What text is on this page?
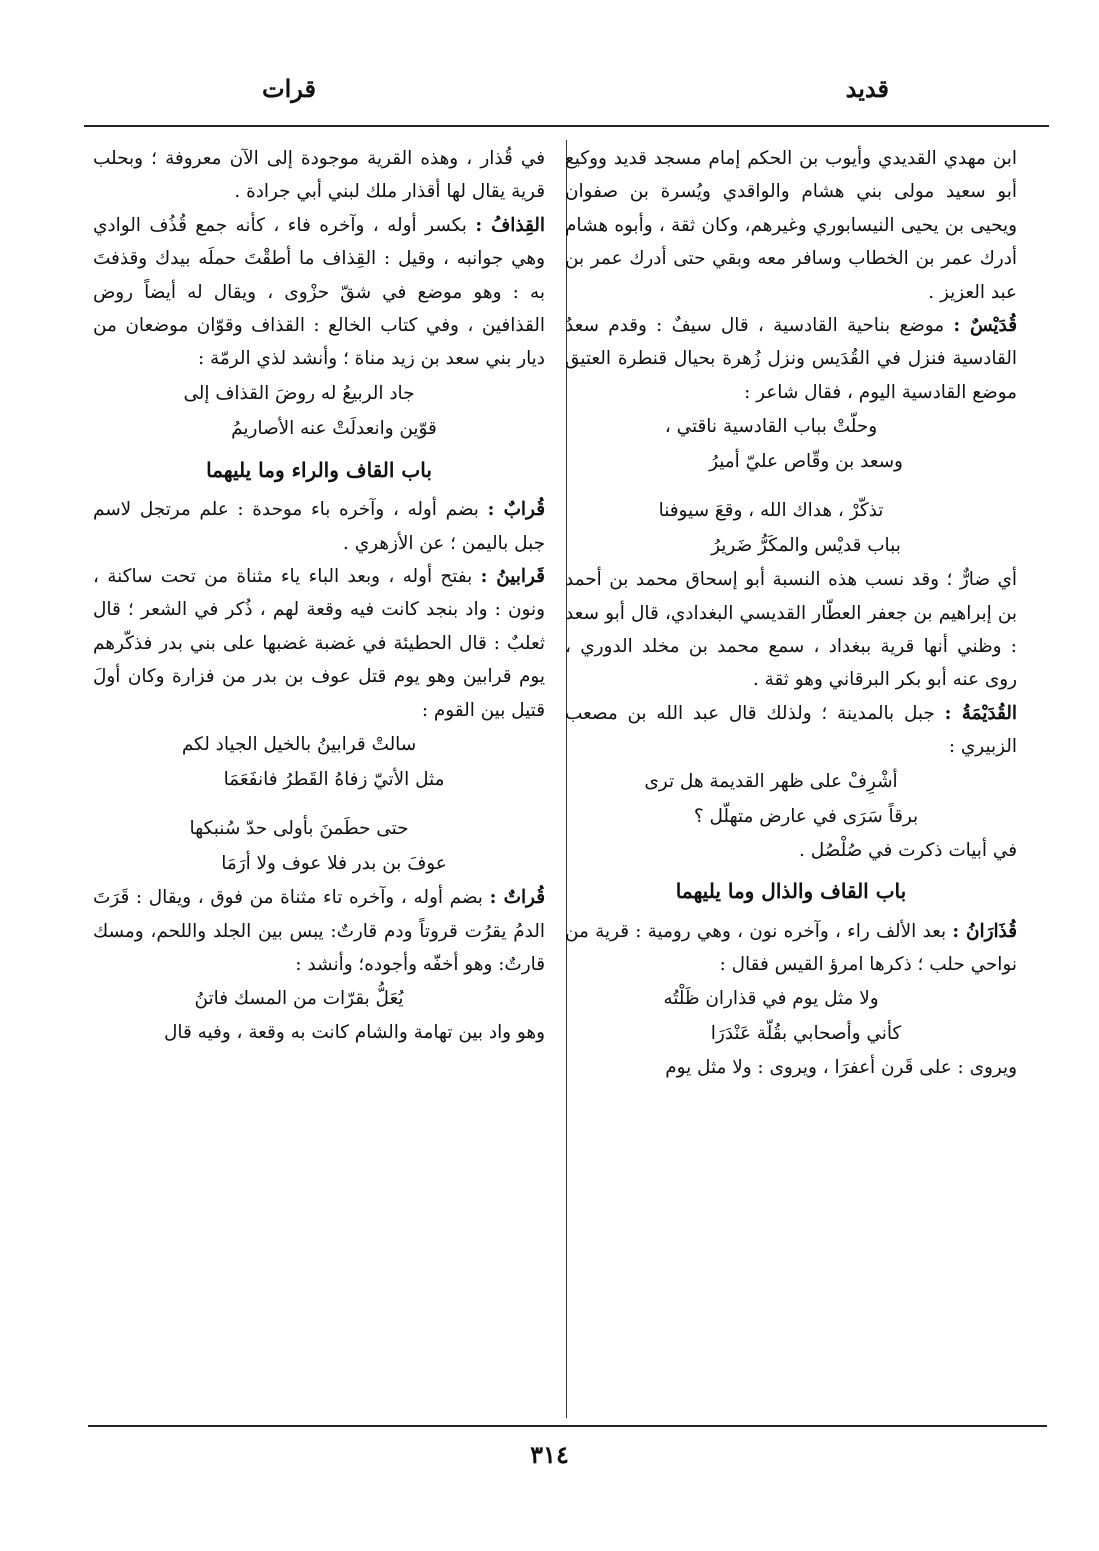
قديد
قرات

ابن مهدي القديدي وأيوب بن الحكم إمام مسجد قديد ووكيع أبو سعيد مولى بني هشام والواقدي ويُسرة بن صفوان ويحيى بن يحيى النيسابوري وغيرهم، وكان ثقة ، وأبوه هشام أدرك عمر بن الخطاب وسافر معه وبقي حتى أدرك عمر بن عبد العزيز .

قُدَيْسٌ : موضع بناحية القادسية ، قال سيفٌ : وقدم سعدٌ القادسية فنزل في القُدَيس ونزل زُهرة بحيال قنطرة العتيق موضع القادسية اليوم ، فقال شاعر :

وحلّتْ بباب القادسية ناقتي ،
وسعد بن وقّاص عليّ أميرُ
تذكّرْ ، هداك الله ، وقعَ سيوفنا
بباب قديْس والمكَرُّ ضَريرُ

أي ضارٌّ ؛ وقد نسب هذه النسبة أبو إسحاق محمد بن أحمد بن إبراهيم بن جعفر العطّار القديسي البغدادي، قال أبو سعد : وظني أنها قرية ببغداد ، سمع محمد بن مخلد الدوري ، روى عنه أبو بكر البرقاني وهو ثقة .

القُدَيْمَةُ : جبل بالمدينة ؛ ولذلك قال عبد الله بن مصعب الزبيري :

أشْرِفْ على ظهر القديمة هل ترى
برقاً سَرَى في عارض متهلّل ؟

في أبيات ذكرت في صُلْصُل .

باب القاف والذال وما يليهما

قُذَارَانُ : بعد الألف راء ، وآخره نون ، وهي رومية : قرية من نواحي حلب ؛ ذكرها امرؤ القيس فقال :

ولا مثل يوم في قذاران ظَلْتُه
كأني وأصحابي بقُلّة عَنْدَرَا

ويروى : على قَرن أعفرَا ، ويروى : ولا مثل يوم

في قُذار ، وهذه القرية موجودة إلى الآن معروفة ؛ وبحلب قرية يقال لها أقذار ملك لبني أبي جرادة .

القِذافُ : بكسر أوله ، وآخره فاء ، كأنه جمع قُذُف الوادي وهي جوانبه ، وقيل : القِذاف ما أطقْتَ حملَه بيدك وقذفتَ به : وهو موضع في شقّ حزْوى ، ويقال له أيضاً روض القذافين ، وفي كتاب الخالع : القذاف وقوّان موضعان من ديار بني سعد بن زيد مناة ؛ وأنشد لذي الرمّة :

جاد الربيعُ له روضَ القذاف إلى
قوّين وانعدلَتْ عنه الأصاريمُ
باب القاف والراء وما يليهما

قُرابٌ : بضم أوله ، وآخره باء موحدة : علم مرتجل لاسم جبل باليمن ؛ عن الأزهري .

قَرابينُ : بفتح أوله ، وبعد الباء ياء مثناة من تحت ساكنة ، ونون : واد بنجد كانت فيه وقعة لهم ، ذُكر في الشعر ؛ قال ثعلبٌ : قال الحطيئة في غضبة غضبها على بني بدر فذكّرهم يوم قرابين وهو يوم قتل عوف بن بدر من فزارة وكان أولَ قتيل بين القوم :

سالتْ قرابينُ بالخيل الجياد لكم
مثل الأتيّ زفاهُ القَطرُ فانفَعَمَا
حتى حطَمنَ بأولى حدّ سُنبكها
عوفَ بن بدر فلا عوف ولا أرَمَا

قُراتٌ : بضم أوله ، وآخره تاء مثناة من فوق ، ويقال : قَرَتَ الدمُ يقرُت قروتاً ودم قارتٌ: يبس بين الجلد واللحم، ومسك قارتٌ: وهو أخفّه وأجوده؛ وأنشد :

يُعَلُّ بقرّات من المسك فاتنُ

وهو واد بين تهامة والشام كانت به وقعة ، وفيه قال

٣١٤
